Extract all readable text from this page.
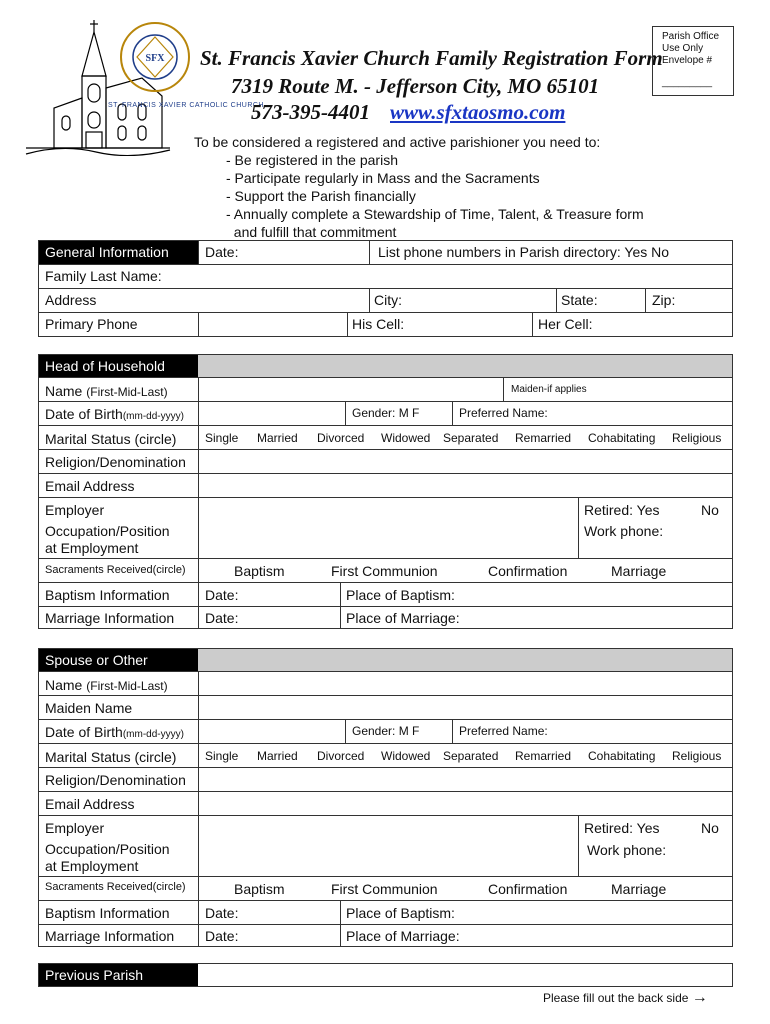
SFX
ST. FRANCIS XAVIER CATHOLIC CHURCH
St. Francis Xavier Church Family Registration Form
7319 Route M. - Jefferson City, MO 65101
573-395-4401 www.sfxtaosmo.com
Parish Office
Use Only
Envelope #
_________
To be considered a registered and active parishioner you need to:
- Be registered in the parish
- Participate regularly in Mass and the Sacraments
- Support the Parish financially
- Annually complete a Stewardship of Time, Talent, & Treasure form
and fulfill that commitment
General Information	Date:	List phone numbers in Parish directory: Yes No
Family Last Name:
Address	City:	State:	Zip:
Primary Phone	His Cell:	Her Cell:
Head of Household
Name (First-Mid-Last)	Maiden-if applies
Date of Birth(mm-dd-yyyy)	Gender: M F	Preferred Name:
Marital Status (circle) Single Married Divorced Widowed Separated Remarried Cohabitating Religious
Religion/Denomination
Email Address
Employer	Retired: Yes	No
Occupation/Position
at Employment
Work phone:
Sacraments Received(circle)	Baptism	First Communion	Confirmation	Marriage
Baptism Information	Date:	Place of Baptism:
Marriage Information Date:	Place of Marriage:
Spouse or Other
Name (First-Mid-Last)
Maiden Name
Date of Birth(mm-dd-yyyy)	Gender: M F	Preferred Name:
Marital Status (circle) Single Married Divorced Widowed Separated Remarried Cohabitating Religious
Religion/Denomination
Email Address
Employer	Retired: Yes	No
Occupation/Position
at Employment
Work phone:
Sacraments Received(circle)	Baptism	First Communion	Confirmation	Marriage
Baptism Information	Date:	Place of Baptism:
Marriage Information Date:	Place of Marriage:
Previous Parish
Please fill out the back side →
